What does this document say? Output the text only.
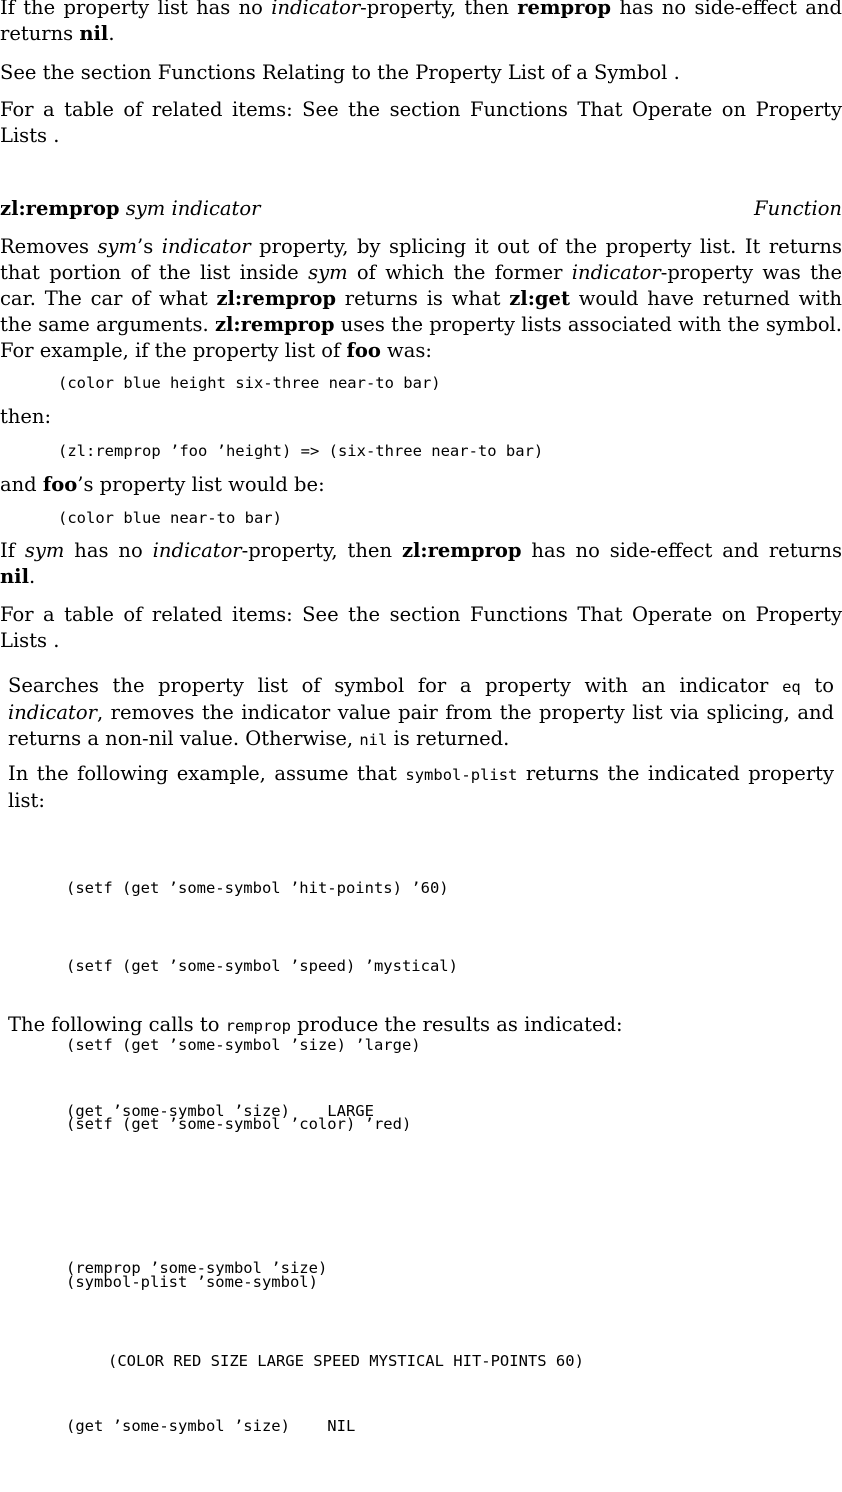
If the property list has no indicator-property, then remprop has no side-effect and returns nil.

See the section Functions Relating to the Property List of a Symbol .

For a table of related items: See the section Functions That Operate on Property Lists .

zl:remprop sym indicator	Function

Removes sym’s indicator property, by splicing it out of the property list. It returns that portion of the list inside sym of which the former indicator-property was the car. The car of what zl:remprop returns is what zl:get would have returned with the same arguments. zl:remprop uses the property lists associated with the symbol. For example, if the property list of foo was:

(color blue height six-three near-to bar)
then:
(zl:remprop ’foo ’height) => (six-three near-to bar)
and foo’s property list would be:
(color blue near-to bar)

If sym has no indicator-property, then zl:remprop has no side-effect and returns nil.

For a table of related items: See the section Functions That Operate on Property Lists .

Searches the property list of symbol for a property with an indicator eq to indicator, removes the indicator value pair from the property list via splicing, and returns a non-nil value. Otherwise, nil is returned.

In the following example, assume that symbol-plist returns the indicated property list:

(setf (get ’some-symbol ’hit-points) ’60)

(setf (get ’some-symbol ’speed) ’mystical)

(setf (get ’some-symbol ’size) ’large)

(setf (get ’some-symbol ’color) ’red)

(symbol-plist ’some-symbol)

(COLOR RED SIZE LARGE SPEED MYSTICAL HIT-POINTS 60)

The following calls to remprop produce the results as indicated:

(get ’some-symbol ’size)    LARGE

(remprop ’some-symbol ’size)

(get ’some-symbol ’size)    NIL
